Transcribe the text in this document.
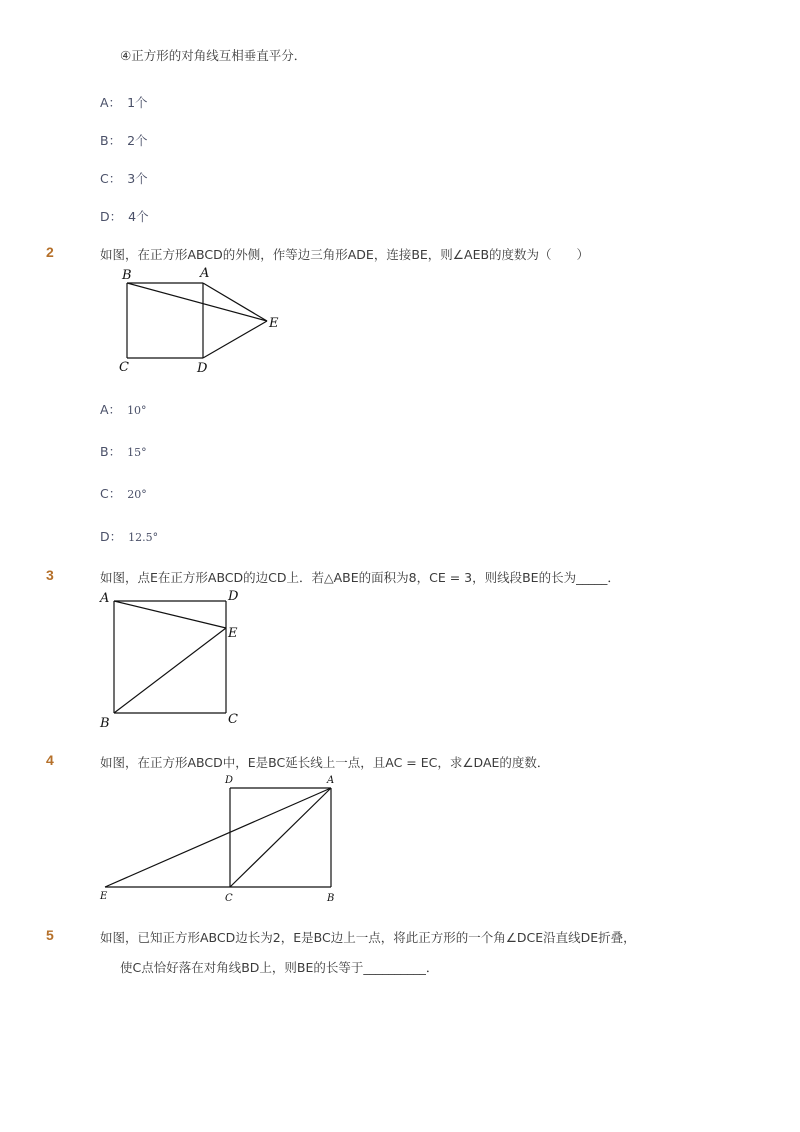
④正方形的对角线互相垂直平分．
A： 1个
B： 2个
C： 3个
D： 4个
2	如图，在正方形ABCD的外侧，作等边三角形ADE，连接BE，则∠AEB的度数为（　　）
B	A
E
C	D
A： 10°
B： 15°
C： 20°
D： 12.5°
3	如图，点E在正方形ABCD的边CD上．若△ABE的面积为8，CE = 3，则线段BE的长为_____．
A	D
E
B	C
4	如图，在正方形ABCD中，E是BC延长线上一点，且AC = EC，求∠DAE的度数．
D	A
E	C	B
5	如图，已知正方形ABCD边长为2，E是BC边上一点，将此正方形的一个角∠DCE沿直线DE折叠，
使C点恰好落在对角线BD上，则BE的长等于__________．
